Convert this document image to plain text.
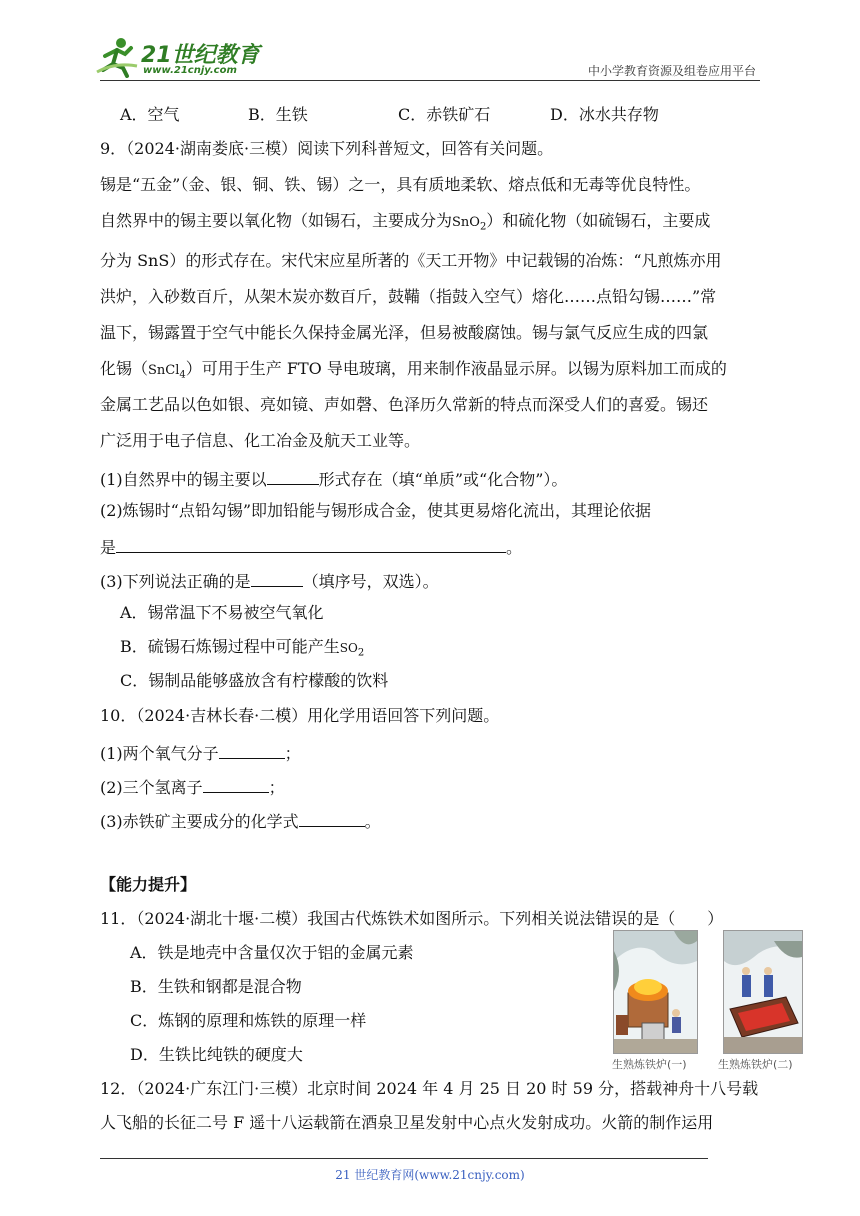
21世纪教育
www.21cnjy.com	中小学教育资源及组卷应用平台
A．空气	B．生铁	C．赤铁矿石	D．冰水共存物
9．（2024·湖南娄底·三模）阅读下列科普短文，回答有关问题。
锡是“五金”（金、银、铜、铁、锡）之一，具有质地柔软、熔点低和无毒等优良特性。
自然界中的锡主要以氧化物（如锡石，主要成分为SnO$_2$）和硫化物（如硫锡石，主要成
分为 SnS）的形式存在。宋代宋应星所著的《天工开物》中记载锡的冶炼：“凡煎炼亦用
洪炉，入砂数百斤，从架木炭亦数百斤，鼓鞴（指鼓入空气）熔化……点铅勾锡……”常
温下，锡露置于空气中能长久保持金属光泽，但易被酸腐蚀。锡与氯气反应生成的四氯
化锡（SnCl$_4$）可用于生产 FTO 导电玻璃，用来制作液晶显示屏。以锡为原料加工而成的
金属工艺品以色如银、亮如镜、声如磬、色泽历久常新的特点而深受人们的喜爱。锡还
广泛用于电子信息、化工冶金及航天工业等。
(1)自然界中的锡主要以	形式存在（填“单质”或“化合物”）。
(2)炼锡时“点铅勾锡”即加铅能与锡形成合金，使其更易熔化流出，其理论依据
是	。
(3)下列说法正确的是	（填序号，双选）。
A．锡常温下不易被空气氧化
B．硫锡石炼锡过程中可能产生$SO_2$
C．锡制品能够盛放含有柠檬酸的饮料
10．（2024·吉林长春·二模）用化学用语回答下列问题。
(1)两个氧气分子	；
(2)三个氢离子	；
(3)赤铁矿主要成分的化学式	。
【能力提升】
11．（2024·湖北十堰·二模）我国古代炼铁术如图所示。下列相关说法错误的是（　　）
A．铁是地壳中含量仅次于铝的金属元素
B．生铁和钢都是混合物
C．炼钢的原理和炼铁的原理一样
D．生铁比纯铁的硬度大
生熟炼铁炉(一)	生熟炼铁炉(二)
12．（2024·广东江门·三模）北京时间 2024 年 4 月 25 日 20 时 59 分，搭载神舟十八号载
人飞船的长征二号 F 遥十八运载箭在酒泉卫星发射中心点火发射成功。火箭的制作运用
21 世纪教育网(www.21cnjy.com)
